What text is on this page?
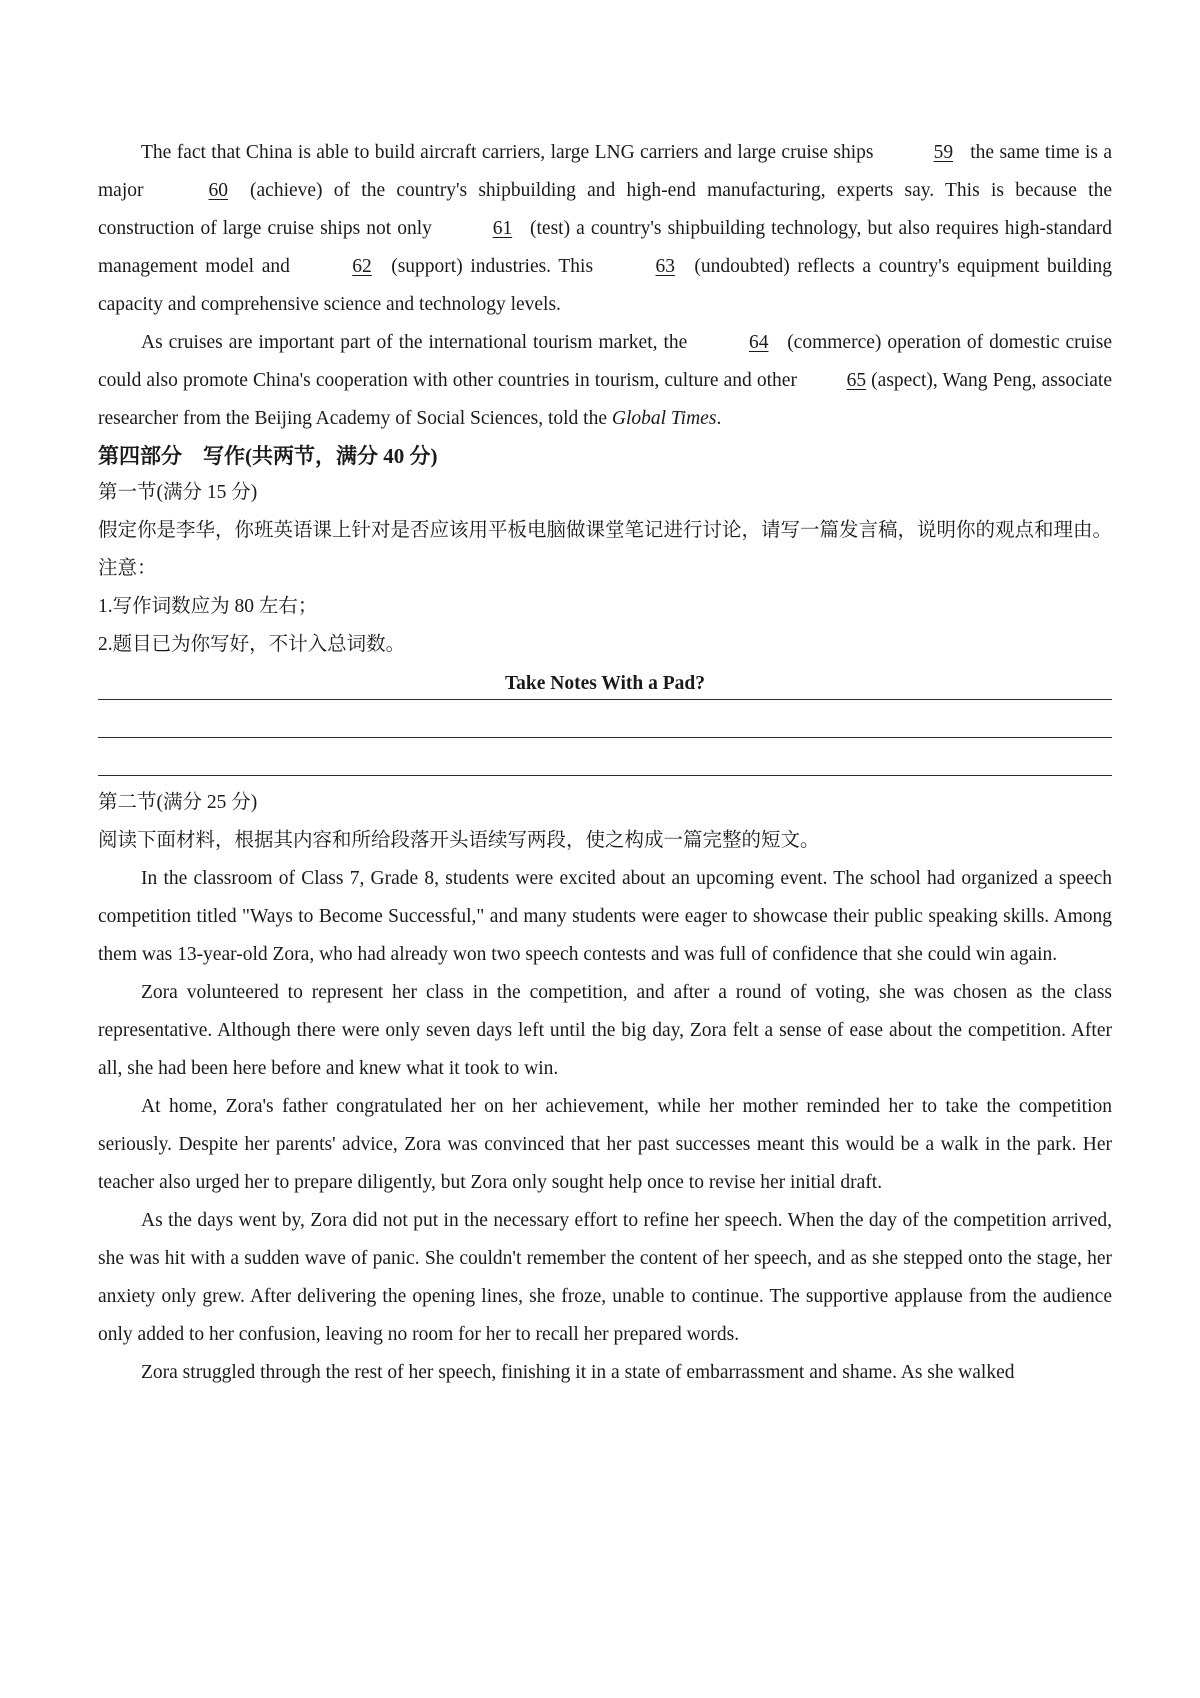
The fact that China is able to build aircraft carriers, large LNG carriers and large cruise ships	59 the same time is a major	60 (achieve) of the country's shipbuilding and high-end manufacturing, experts say. This is because the construction of large cruise ships not only	61 (test) a country's shipbuilding technology, but also requires high-standard management model and	62 (support) industries. This	63 (undoubted) reflects a country's equipment building capacity and comprehensive science and technology levels.

As cruises are important part of the international tourism market, the	64 (commerce) operation of domestic cruise could also promote China's cooperation with other countries in tourism, culture and other	65 (aspect), Wang Peng, associate researcher from the Beijing Academy of Social Sciences, told the Global Times.

第四部分　写作(共两节，满分 40 分)

第一节(满分 15 分)

假定你是李华，你班英语课上针对是否应该用平板电脑做课堂笔记进行讨论，请写一篇发言稿，说明你的观点和理由。

注意：

1.写作词数应为 80 左右；

2.题目已为你写好，不计入总词数。

Take Notes With a Pad?

第二节(满分 25 分)

阅读下面材料，根据其内容和所给段落开头语续写两段，使之构成一篇完整的短文。

In the classroom of Class 7, Grade 8, students were excited about an upcoming event. The school had organized a speech competition titled "Ways to Become Successful," and many students were eager to showcase their public speaking skills. Among them was 13-year-old Zora, who had already won two speech contests and was full of confidence that she could win again.

Zora volunteered to represent her class in the competition, and after a round of voting, she was chosen as the class representative. Although there were only seven days left until the big day, Zora felt a sense of ease about the competition. After all, she had been here before and knew what it took to win.

At home, Zora's father congratulated her on her achievement, while her mother reminded her to take the competition seriously. Despite her parents' advice, Zora was convinced that her past successes meant this would be a walk in the park. Her teacher also urged her to prepare diligently, but Zora only sought help once to revise her initial draft.

As the days went by, Zora did not put in the necessary effort to refine her speech. When the day of the competition arrived, she was hit with a sudden wave of panic. She couldn't remember the content of her speech, and as she stepped onto the stage, her anxiety only grew. After delivering the opening lines, she froze, unable to continue. The supportive applause from the audience only added to her confusion, leaving no room for her to recall her prepared words.

Zora struggled through the rest of her speech, finishing it in a state of embarrassment and shame. As she walked
